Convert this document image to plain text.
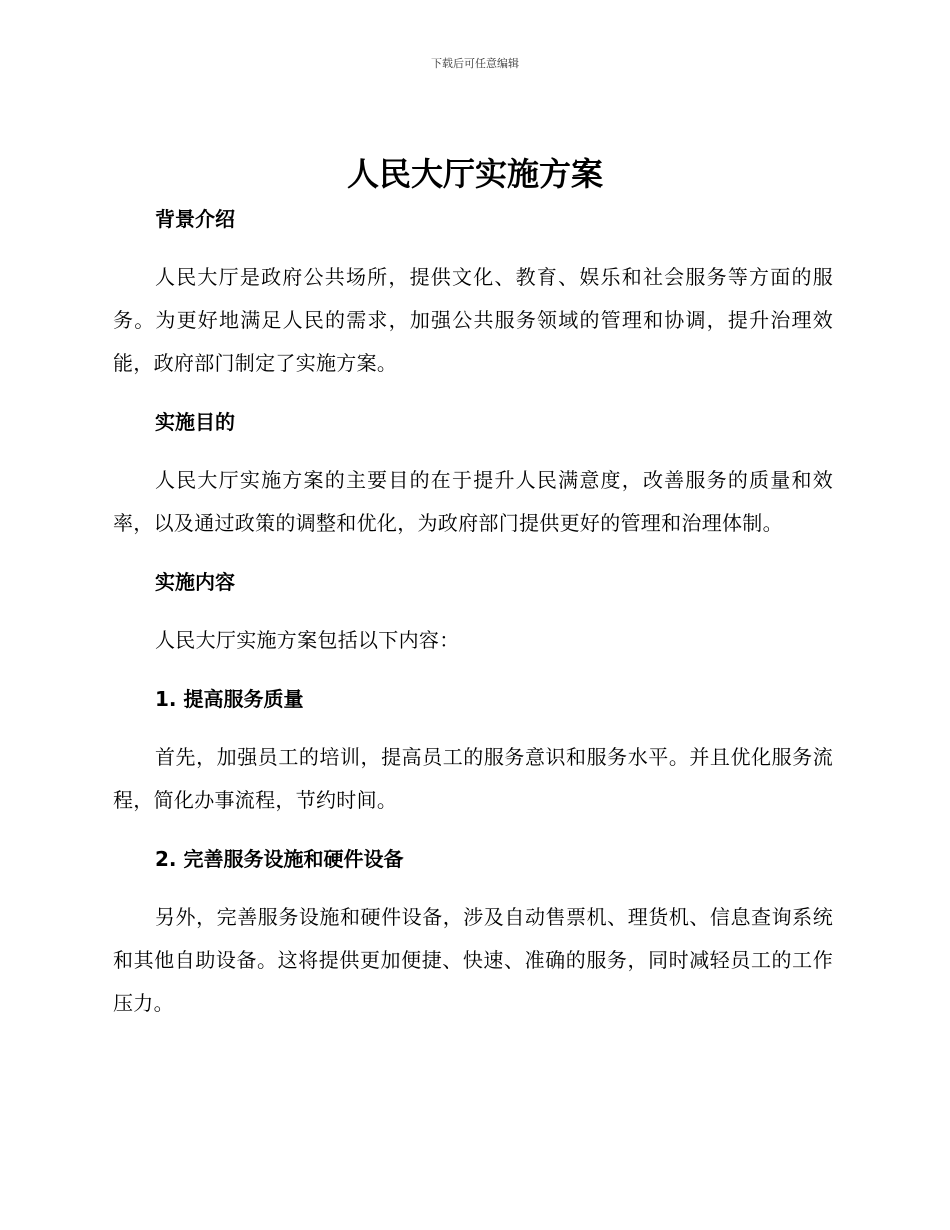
下载后可任意编辑
人民大厅实施方案
背景介绍

人民大厅是政府公共场所，提供文化、教育、娱乐和社会服务等方面的服务。为更好地满足人民的需求，加强公共服务领域的管理和协调，提升治理效能，政府部门制定了实施方案。

实施目的

人民大厅实施方案的主要目的在于提升人民满意度，改善服务的质量和效率，以及通过政策的调整和优化，为政府部门提供更好的管理和治理体制。

实施内容

人民大厅实施方案包括以下内容：

1. 提高服务质量

首先，加强员工的培训，提高员工的服务意识和服务水平。并且优化服务流程，简化办事流程，节约时间。

2. 完善服务设施和硬件设备

另外，完善服务设施和硬件设备，涉及自动售票机、理货机、信息查询系统和其他自助设备。这将提供更加便捷、快速、准确的服务，同时减轻员工的工作压力。
